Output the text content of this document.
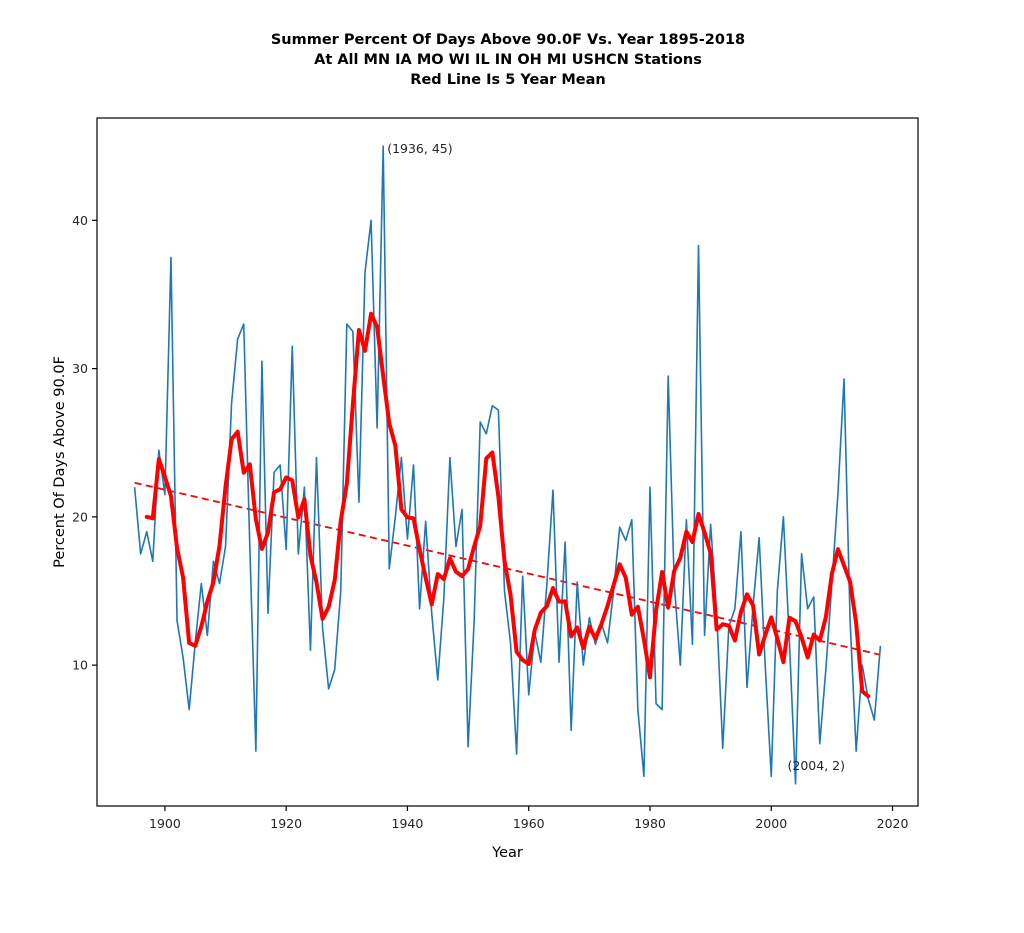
Summer Percent Of Days Above 90.0F Vs. Year 1895-2018
At All MN IA MO WI IL IN OH MI USHCN Stations
Red Line Is 5 Year Mean
1900	1920	1940	1960	1980	2000	2020
10
20
30
40
Year
Percent Of Days Above 90.0F
(1936, 45)
(2004, 2)
